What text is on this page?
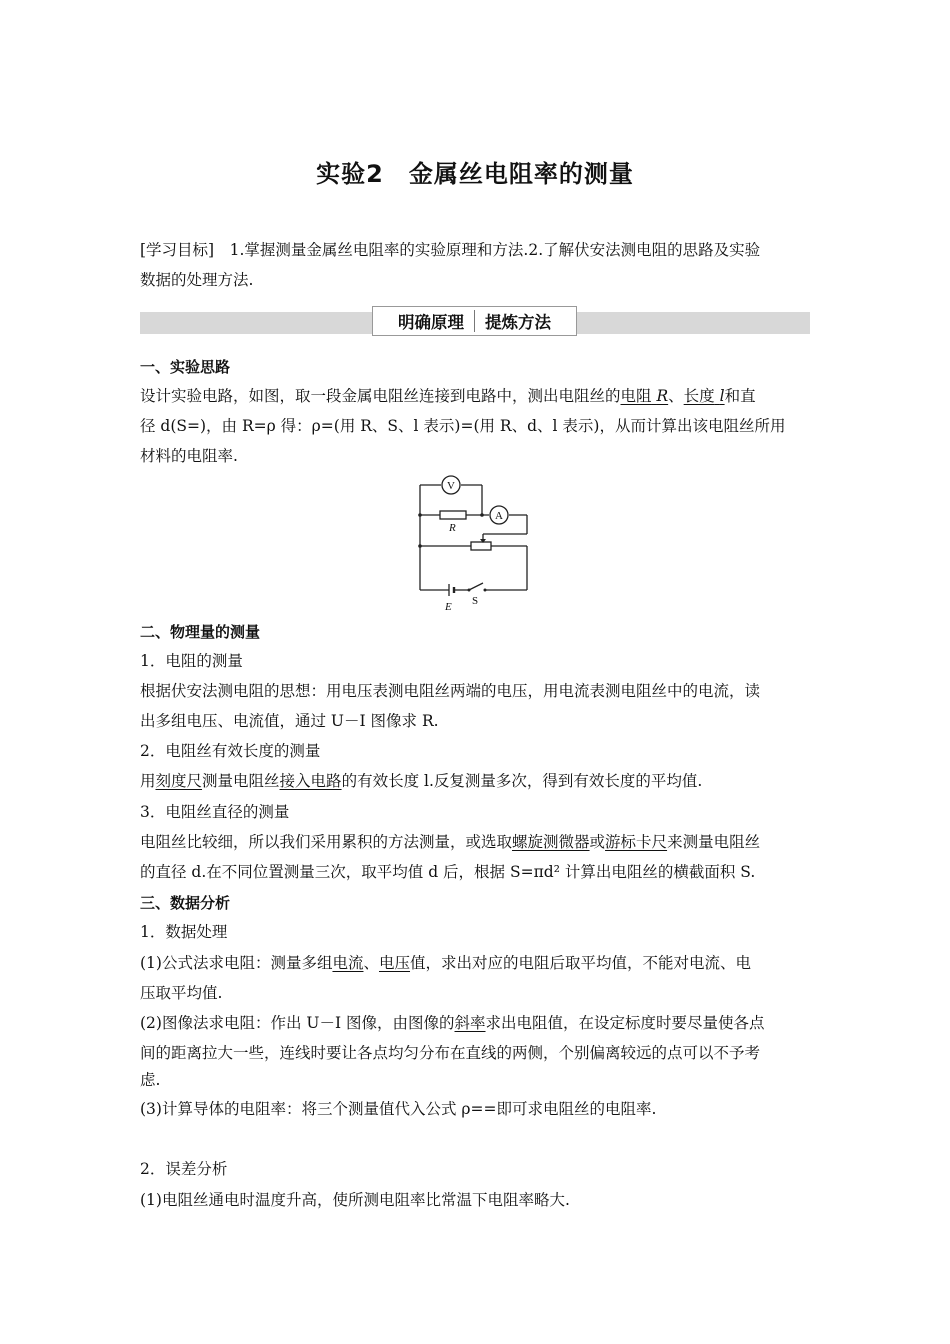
实验2　金属丝电阻率的测量
[学习目标]　1.掌握测量金属丝电阻率的实验原理和方法.2.了解伏安法测电阻的思路及实验
数据的处理方法.
明确原理	提炼方法
一、实验思路
设计实验电路，如图，取一段金属电阻丝连接到电路中，测出电阻丝的电阻 R、长度 l和直
径 d(S=)，由 R=ρ 得：ρ=(用 R、S、l 表示)=(用 R、d、l 表示)，从而计算出该电阻丝所用
材料的电阻率.
V
A
R
E S
二、物理量的测量
1．电阻的测量
根据伏安法测电阻的思想：用电压表测电阻丝两端的电压，用电流表测电阻丝中的电流，读
出多组电压、电流值，通过 U－I 图像求 R.
2．电阻丝有效长度的测量
用刻度尺测量电阻丝接入电路的有效长度 l.反复测量多次，得到有效长度的平均值.
3．电阻丝直径的测量
电阻丝比较细，所以我们采用累积的方法测量，或选取螺旋测微器或游标卡尺来测量电阻丝
的直径 d.在不同位置测量三次，取平均值 d 后，根据 S=πd² 计算出电阻丝的横截面积 S.
三、数据分析
1．数据处理
(1)公式法求电阻：测量多组电流、电压值，求出对应的电阻后取平均值，不能对电流、电
压取平均值.
(2)图像法求电阻：作出 U－I 图像，由图像的斜率求出电阻值，在设定标度时要尽量使各点
间的距离拉大一些，连线时要让各点均匀分布在直线的两侧，个别偏离较远的点可以不予考
虑.
(3)计算导体的电阻率：将三个测量值代入公式 ρ==即可求电阻丝的电阻率.
2．误差分析
(1)电阻丝通电时温度升高，使所测电阻率比常温下电阻率略大.
